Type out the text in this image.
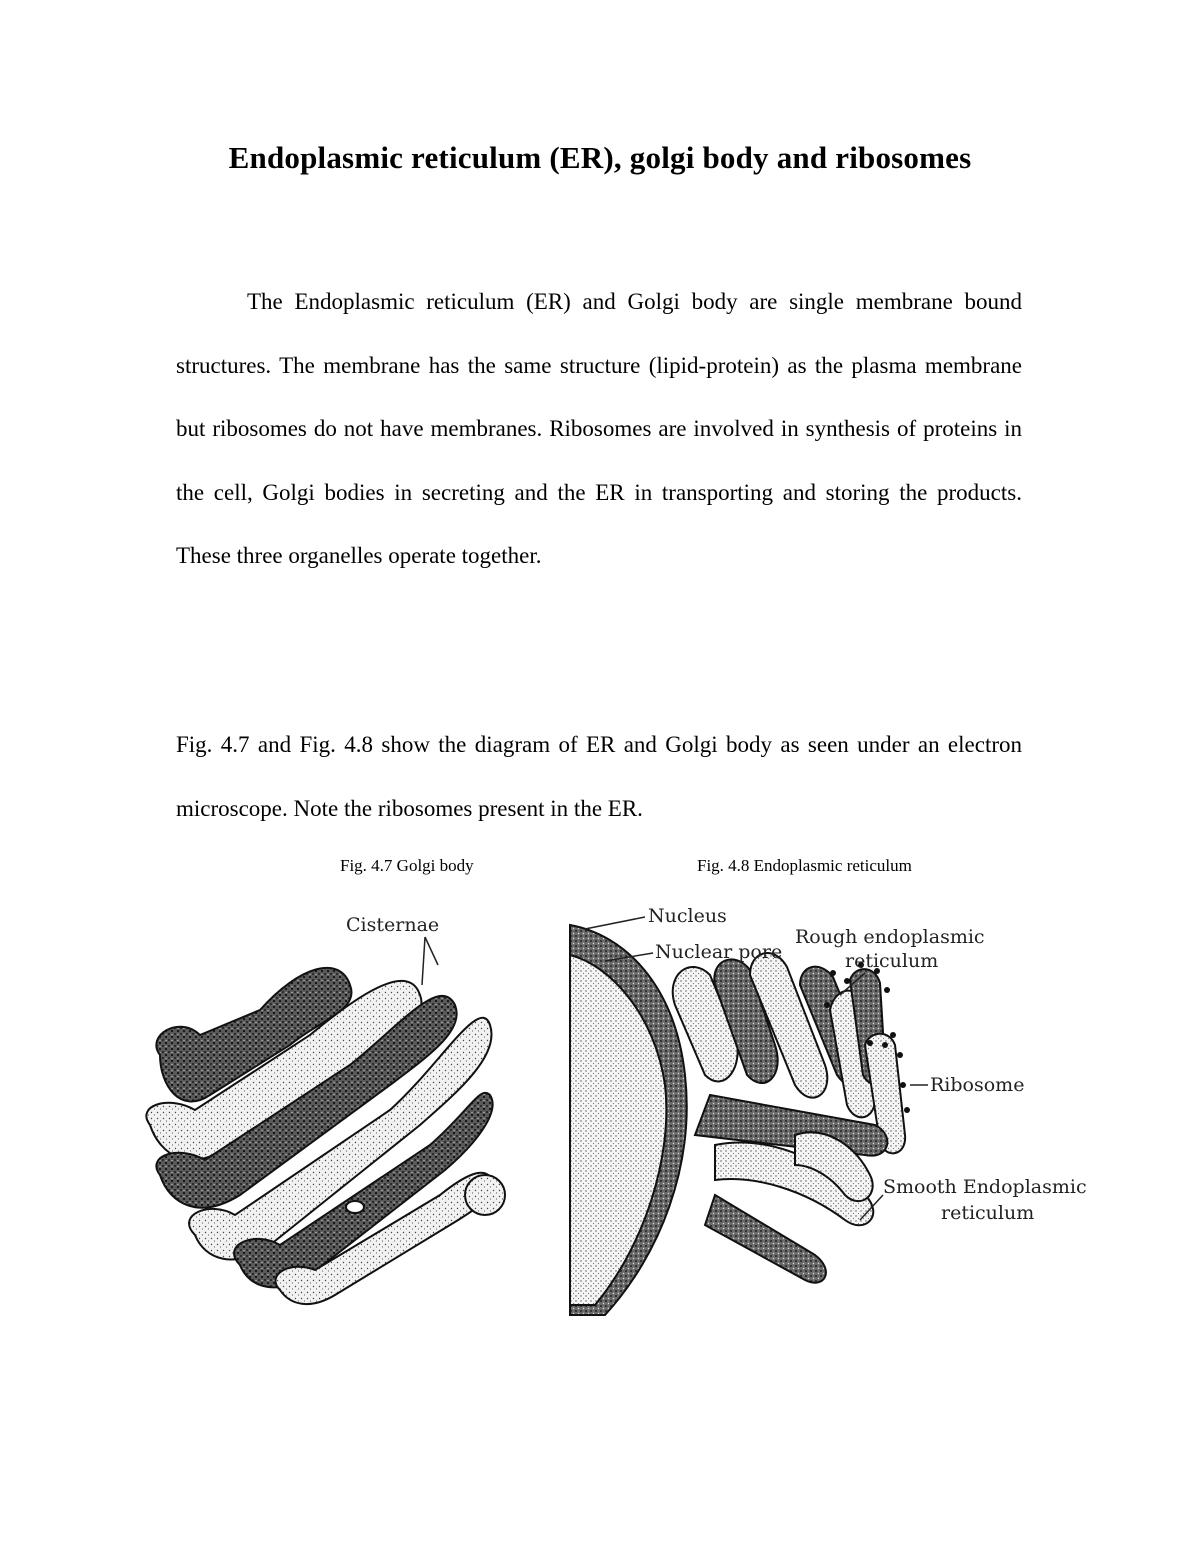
Endoplasmic reticulum (ER), golgi body and ribosomes

The Endoplasmic reticulum (ER) and Golgi body are single membrane bound structures. The membrane has the same structure (lipid-protein) as the plasma membrane but ribosomes do not have membranes. Ribosomes are involved in synthesis of proteins in the cell, Golgi bodies in secreting and the ER in transporting and storing the products. These three organelles operate together.

Fig. 4.7 and Fig. 4.8 show the diagram of ER and Golgi body as seen under an electron microscope. Note the ribosomes present in the ER.

Fig. 4.7 Golgi body	Fig. 4.8 Endoplasmic reticulum
Cisternae	Nucleus
Nuclear pore
Rough endoplasmic
reticulum
Ribosome
Smooth Endoplasmic
reticulum
